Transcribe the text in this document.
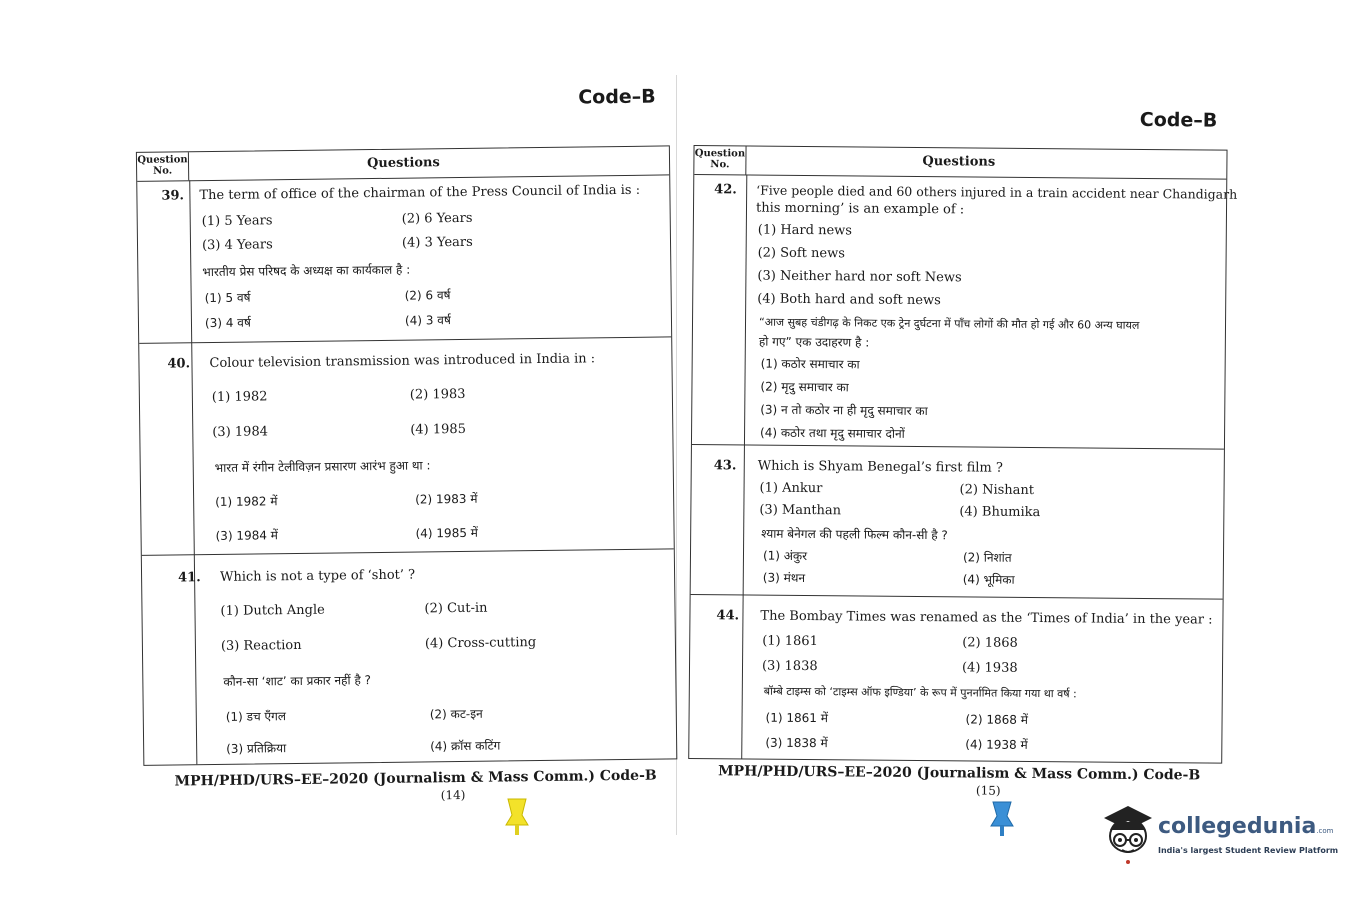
Code–B
Question No.	Questions
39. The term of office of the chairman of the Press Council of India is :
(1) 5 Years	(2) 6 Years
(3) 4 Years	(4) 3 Years
भारतीय प्रेस परिषद के अध्यक्ष का कार्यकाल है :
(1) 5 वर्ष	(2) 6 वर्ष
(3) 4 वर्ष	(4) 3 वर्ष
40. Colour television transmission was introduced in India in :
(1) 1982	(2) 1983
(3) 1984	(4) 1985
भारत में रंगीन टेलीविज़न प्रसारण आरंभ हुआ था :
(1) 1982 में	(2) 1983 में
(3) 1984 में	(4) 1985 में
41. Which is not a type of ‘shot’ ?
(1) Dutch Angle	(2) Cut-in
(3) Reaction	(4) Cross-cutting
कौन-सा ‘शाट’ का प्रकार नहीं है ?
(1) डच ऍंगल	(2) कट-इन
(3) प्रतिक्रिया	(4) क्रॉस कटिंग
MPH/PHD/URS–EE–2020 (Journalism & Mass Comm.) Code-B
(14)
Code–B
Question No.	Questions
42. ‘Five people died and 60 others injured in a train accident near Chandigarh
this morning’ is an example of :
(1) Hard news
(2) Soft news
(3) Neither hard nor soft News
(4) Both hard and soft news
“आज सुबह चंडीगढ़ के निकट एक ट्रेन दुर्घटना में पाँच लोगों की मौत हो गई और 60 अन्य घायल
हो गए” एक उदाहरण है :
(1) कठोर समाचार का
(2) मृदु समाचार का
(3) न तो कठोर ना ही मृदु समाचार का
(4) कठोर तथा मृदु समाचार दोनों
43. Which is Shyam Benegal’s first film ?
(1) Ankur	(2) Nishant
(3) Manthan	(4) Bhumika
श्याम बेनेगल की पहली फिल्म कौन-सी है ?
(1) अंकुर	(2) निशांत
(3) मंथन	(4) भूमिका
44. The Bombay Times was renamed as the ‘Times of India’ in the year :
(1) 1861	(2) 1868
(3) 1838	(4) 1938
बॉम्बे टाइम्स को ‘टाइम्स ऑफ इण्डिया’ के रूप में पुनर्नामित किया गया था वर्ष :
(1) 1861 में	(2) 1868 में
(3) 1838 में	(4) 1938 में
MPH/PHD/URS–EE–2020 (Journalism & Mass Comm.) Code-B
(15)
collegedunia.com
India's largest Student Review Platform
